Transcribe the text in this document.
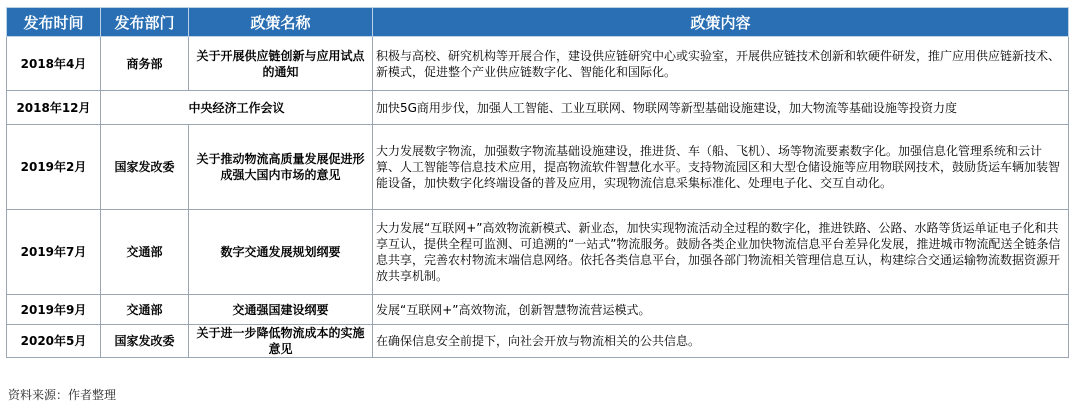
发布时间	发布部门	政策名称	政策内容
2018年4月	商务部	关于开展供应链创新与应用试点的通知	积极与高校、研究机构等开展合作，建设供应链研究中心或实验室，开展供应链技术创新和软硬件研发，推广应用供应链新技术、新模式，促进整个产业供应链数字化、智能化和国际化。
2018年12月	中央经济工作会议		加快5G商用步伐，加强人工智能、工业互联网、物联网等新型基础设施建设，加大物流等基础设施等投资力度
2019年2月	国家发改委	关于推动物流高质量发展促进形成强大国内市场的意见	大力发展数字物流，加强数字物流基础设施建设，推进货、车（船、飞机）、场等物流要素数字化。加强信息化管理系统和云计算、人工智能等信息技术应用，提高物流软件智慧化水平。支持物流园区和大型仓储设施等应用物联网技术，鼓励货运车辆加装智能设备，加快数字化终端设备的普及应用，实现物流信息采集标准化、处理电子化、交互自动化。
2019年7月	交通部	数字交通发展规划纲要	大力发展“互联网+”高效物流新模式、新业态，加快实现物流活动全过程的数字化，推进铁路、公路、水路等货运单证电子化和共享互认，提供全程可监测、可追溯的“一站式”物流服务。鼓励各类企业加快物流信息平台差异化发展，推进城市物流配送全链条信息共享，完善农村物流末端信息网络。依托各类信息平台，加强各部门物流相关管理信息互认，构建综合交通运输物流数据资源开放共享机制。
2019年9月	交通部	交通强国建设纲要	发展“互联网+”高效物流，创新智慧物流营运模式。
2020年5月	国家发改委	关于进一步降低物流成本的实施意见	在确保信息安全前提下，向社会开放与物流相关的公共信息。
资料来源：作者整理
